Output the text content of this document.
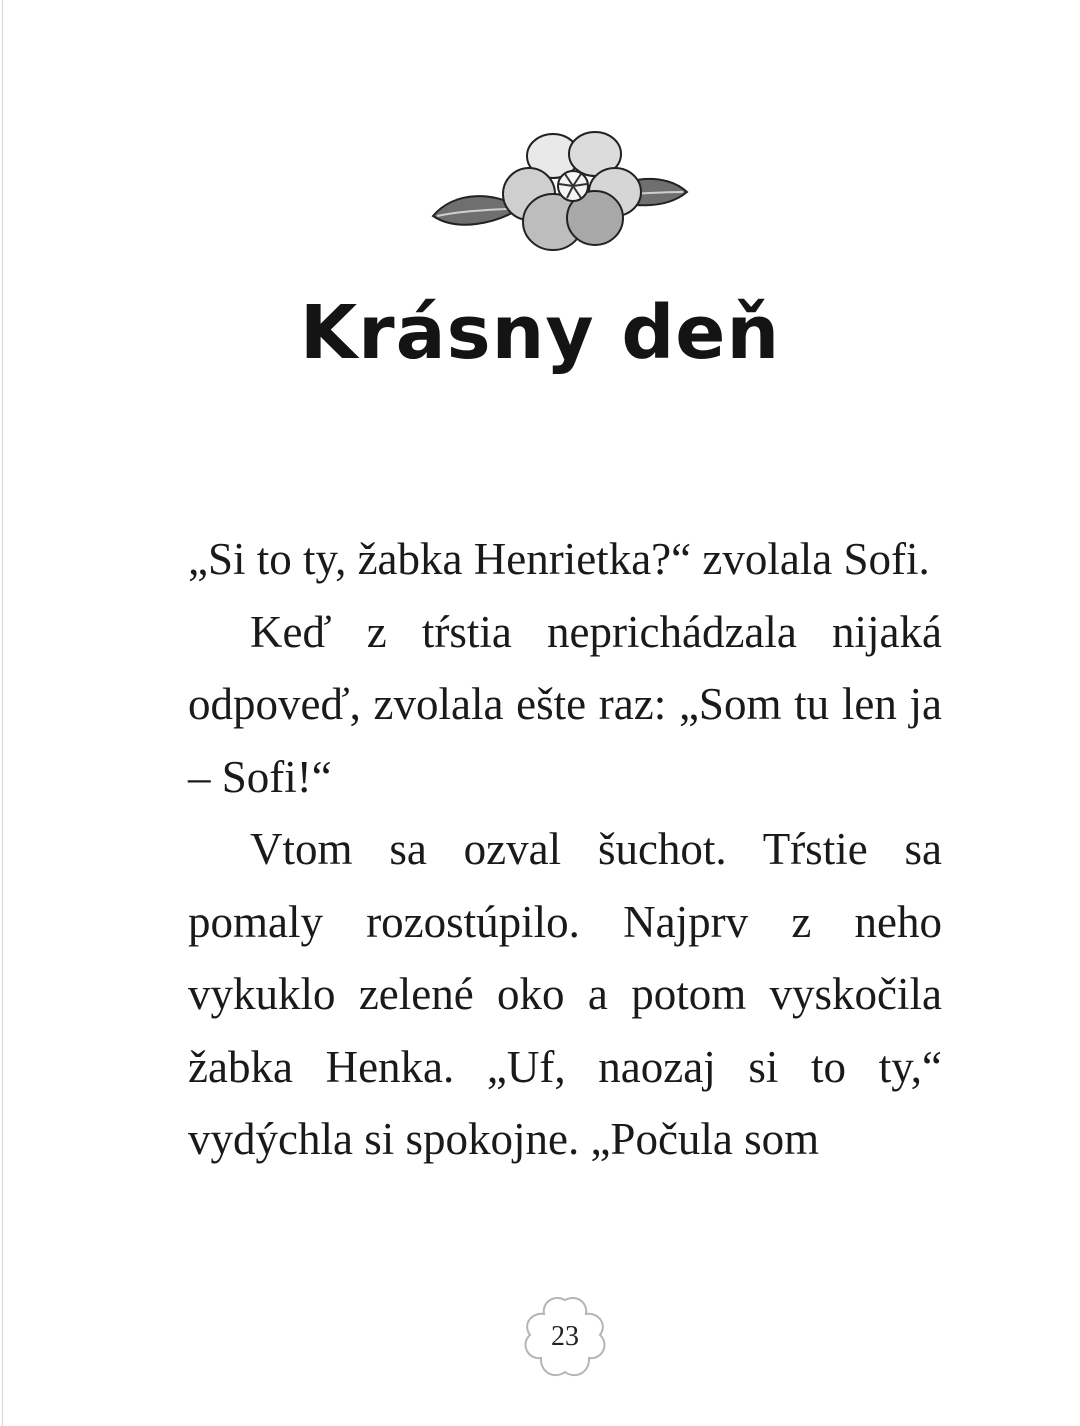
Krásny deň

„Si to ty, žabka Henrietka?“ zvolala Sofi.

Keď z tŕstia neprichádzala nijaká odpoveď, zvolala ešte raz: „Som tu len ja – Sofi!“

Vtom sa ozval šuchot. Tŕstie sa pomaly rozostúpilo. Najprv z neho vykuklo zelené oko a potom vyskočila žabka Henka. „Uf, naozaj si to ty,“ vydýchla si spokojne. „Počula som

23
